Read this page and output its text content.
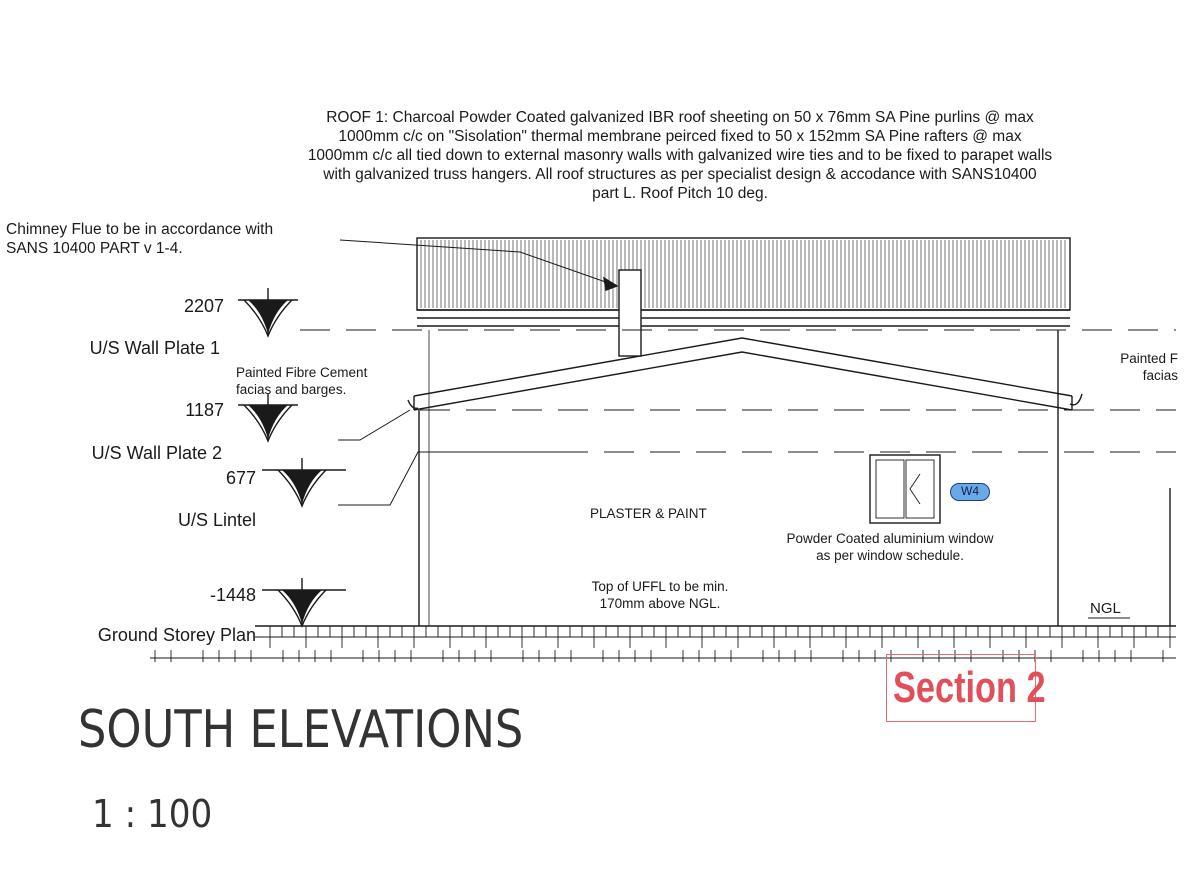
ROOF 1: Charcoal Powder Coated galvanized IBR roof sheeting on 50 x 76mm SA Pine purlins @ max
1000mm c/c on "Sisolation" thermal membrane peirced fixed to 50 x 152mm SA Pine rafters @ max
1000mm c/c all tied down to external masonry walls with galvanized wire ties and to be fixed to parapet walls
with galvanized truss hangers. All roof structures as per specialist design & accodance with SANS10400
part L. Roof Pitch 10 deg.
Chimney Flue to be in accordance with
SANS 10400 PART v 1-4.
Painted Fibre Cement
facias and barges.
Painted F
facias
PLASTER & PAINT
Powder Coated aluminium window
as per window schedule.
Top of UFFL to be min.
170mm above NGL.	NGL
W4
2207
U/S Wall Plate 1
1187
U/S Wall Plate 2
677
U/S Lintel
-1448
Ground Storey Plan
Section 2
SOUTH ELEVATIONS
1 : 100
